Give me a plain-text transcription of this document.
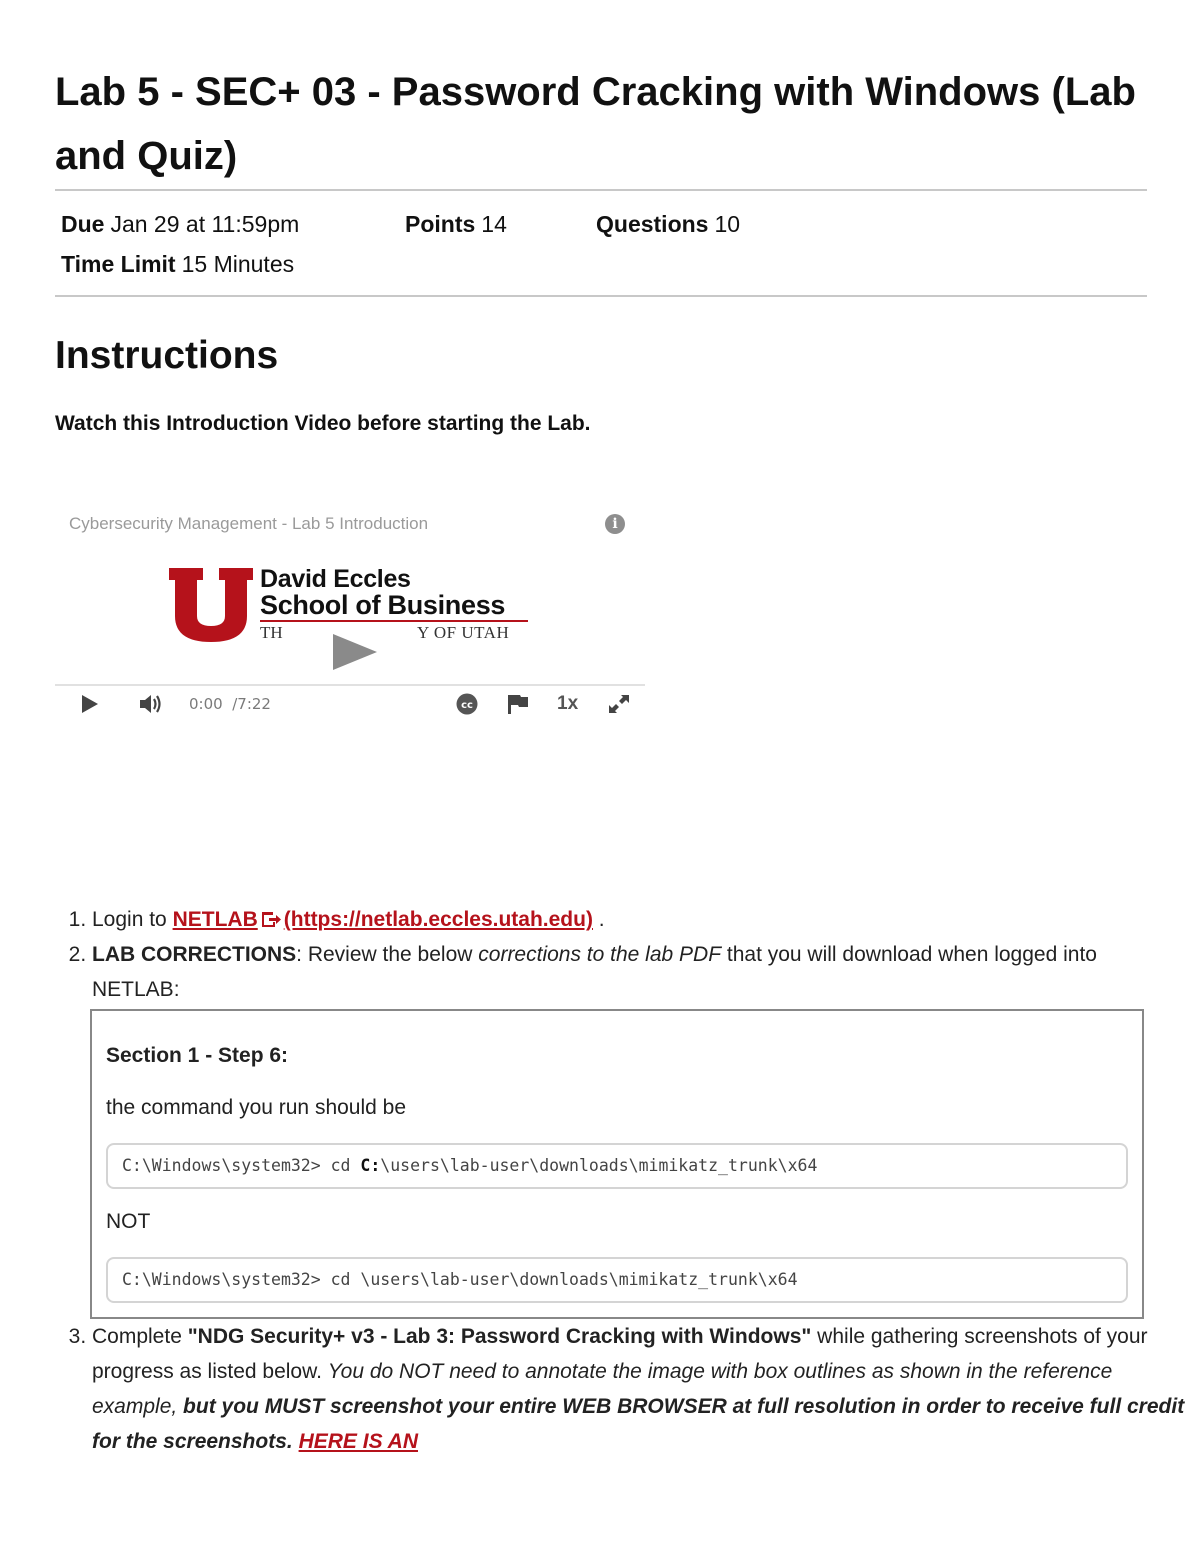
Lab 5 - SEC+ 03 - Password Cracking with Windows (Lab and Quiz)
Due Jan 29 at 11:59pm	Points 14	Questions 10
Time Limit 15 Minutes
Instructions
Watch this Introduction Video before starting the Lab.
Cybersecurity Management - Lab 5 Introduction	i
David Eccles
School of Business
TH	Y OF UTAH
0:00
/7:22	cc	1x
1. Login to NETLAB (https://netlab.eccles.utah.edu) .
2. LAB CORRECTIONS: Review the below corrections to the lab PDF that you will download when logged into NETLAB:
Section 1 - Step 6:
the command you run should be
C:\Windows\system32> cd C:\users\lab-user\downloads\mimikatz_trunk\x64
NOT
C:\Windows\system32> cd \users\lab-user\downloads\mimikatz_trunk\x64
3. Complete "NDG Security+ v3 - Lab 3: Password Cracking with Windows" while gathering screenshots of your progress as listed below. You do NOT need to annotate the image with box outlines as shown in the reference example, but you MUST screenshot your entire WEB BROWSER at full resolution in order to receive full credit for the screenshots. HERE IS AN
